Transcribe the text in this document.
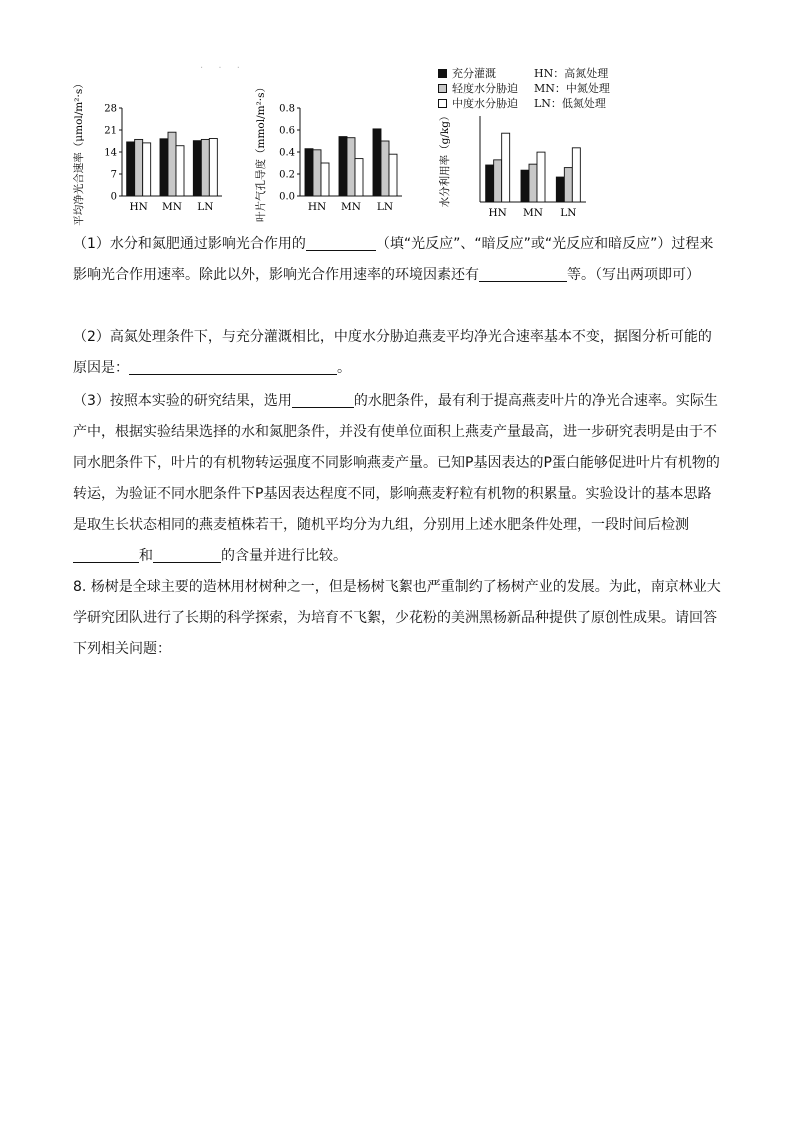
· · ·
平均净光合速率（μmol/m²·s）	0
7
14
21
28
HN MN LN	叶片气孔导度（mmol/m²·s） 0.0
0.2
0.4
0.6
0.8
HN MN LN	水分利用率（g/kg）
HN MN LN
充分灌溉	HN：高氮处理
轻度水分胁迫	MN：中氮处理
中度水分胁迫	LN：低氮处理

（1）水分和氮肥通过影响光合作用的	（填“光反应”、“暗反应”或“光反应和暗反应”）过程来影响光合作用速率。除此以外，影响光合作用速率的环境因素还有	等。（写出两项即可）

（2）高氮处理条件下，与充分灌溉相比，中度水分胁迫燕麦平均净光合速率基本不变，据图分析可能的原因是：	。

（3）按照本实验的研究结果，选用	的水肥条件，最有利于提高燕麦叶片的净光合速率。实际生产中，根据实验结果选择的水和氮肥条件，并没有使单位面积上燕麦产量最高，进一步研究表明是由于不同水肥条件下，叶片的有机物转运强度不同影响燕麦产量。已知P基因表达的P蛋白能够促进叶片有机物的转运，为验证不同水肥条件下P基因表达程度不同，影响燕麦籽粒有机物的积累量。实验设计的基本思路是取生长状态相同的燕麦植株若干，随机平均分为九组，分别用上述水肥条件处理，一段时间后检测和	的含量并进行比较。

8. 杨树是全球主要的造林用材树种之一，但是杨树飞絮也严重制约了杨树产业的发展。为此，南京林业大学研究团队进行了长期的科学探索，为培育不飞絮，少花粉的美洲黑杨新品种提供了原创性成果。请回答下列相关问题：
